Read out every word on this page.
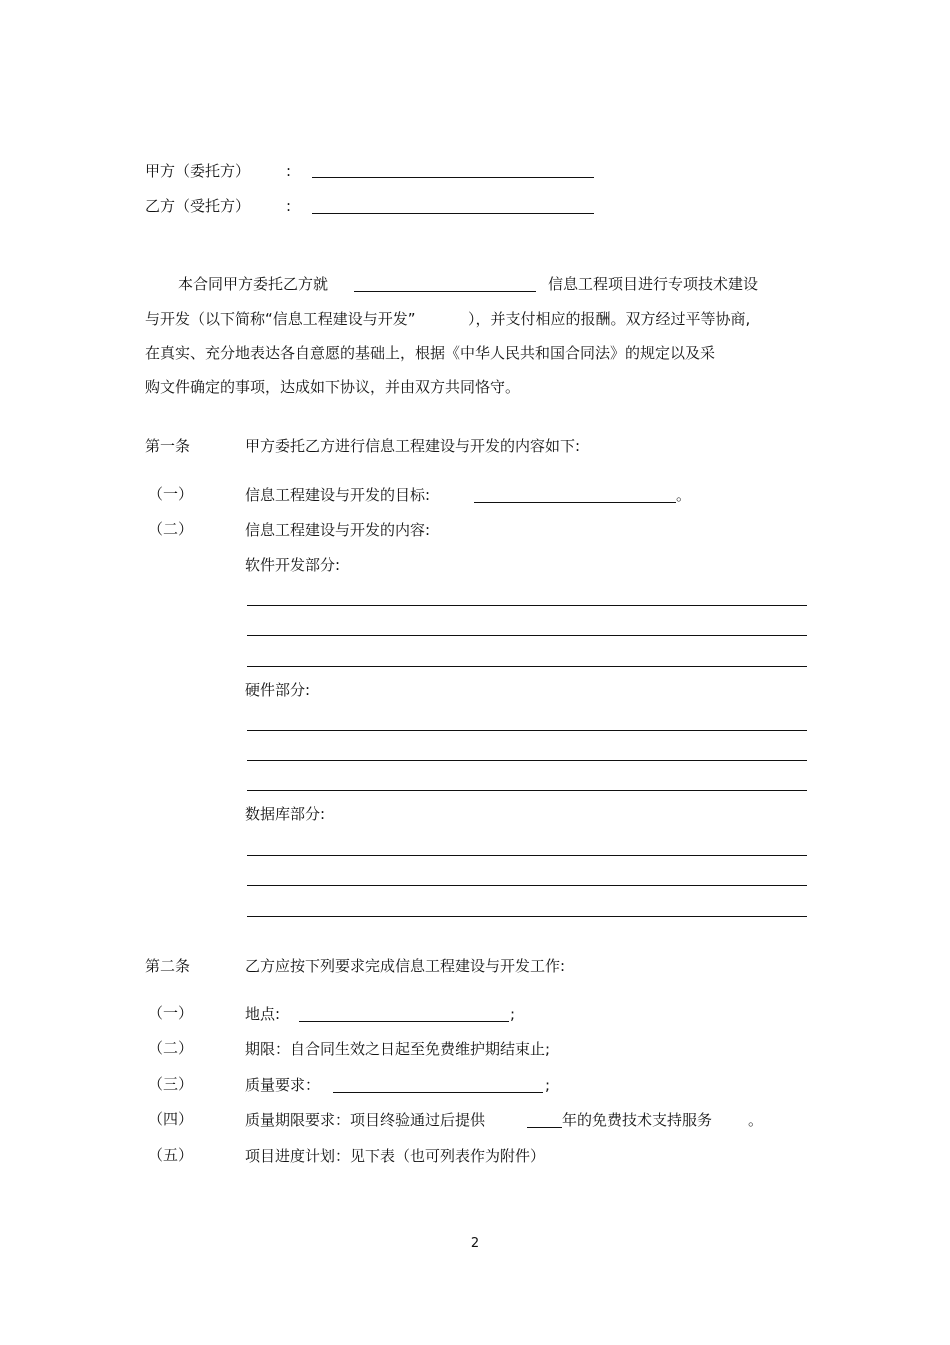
甲方（委托方） :
乙方（受托方） :
本合同甲方委托乙方就	信息工程项目进行专项技术建设
与开发（以下简称“信息工程建设与开发”	），并支付相应的报酬。双方经过平等协商,
在真实、充分地表达各自意愿的基础上，根据《中华人民共和国合同法》的规定以及采
购文件确定的事项，达成如下协议，并由双方共同恪守。
第一条	甲方委托乙方进行信息工程建设与开发的内容如下:
（一）	信息工程建设与开发的目标:	。
（二）	信息工程建设与开发的内容:
软件开发部分:
硬件部分:
数据库部分:
第二条	乙方应按下列要求完成信息工程建设与开发工作:
（一）	地点:	;
（二）	期限：自合同生效之日起至免费维护期结束止;
（三）	质量要求：	;
（四）	质量期限要求：项目终验通过后提供	年的免费技术支持服务 。
（五）	项目进度计划：见下表（也可列表作为附件）
2
